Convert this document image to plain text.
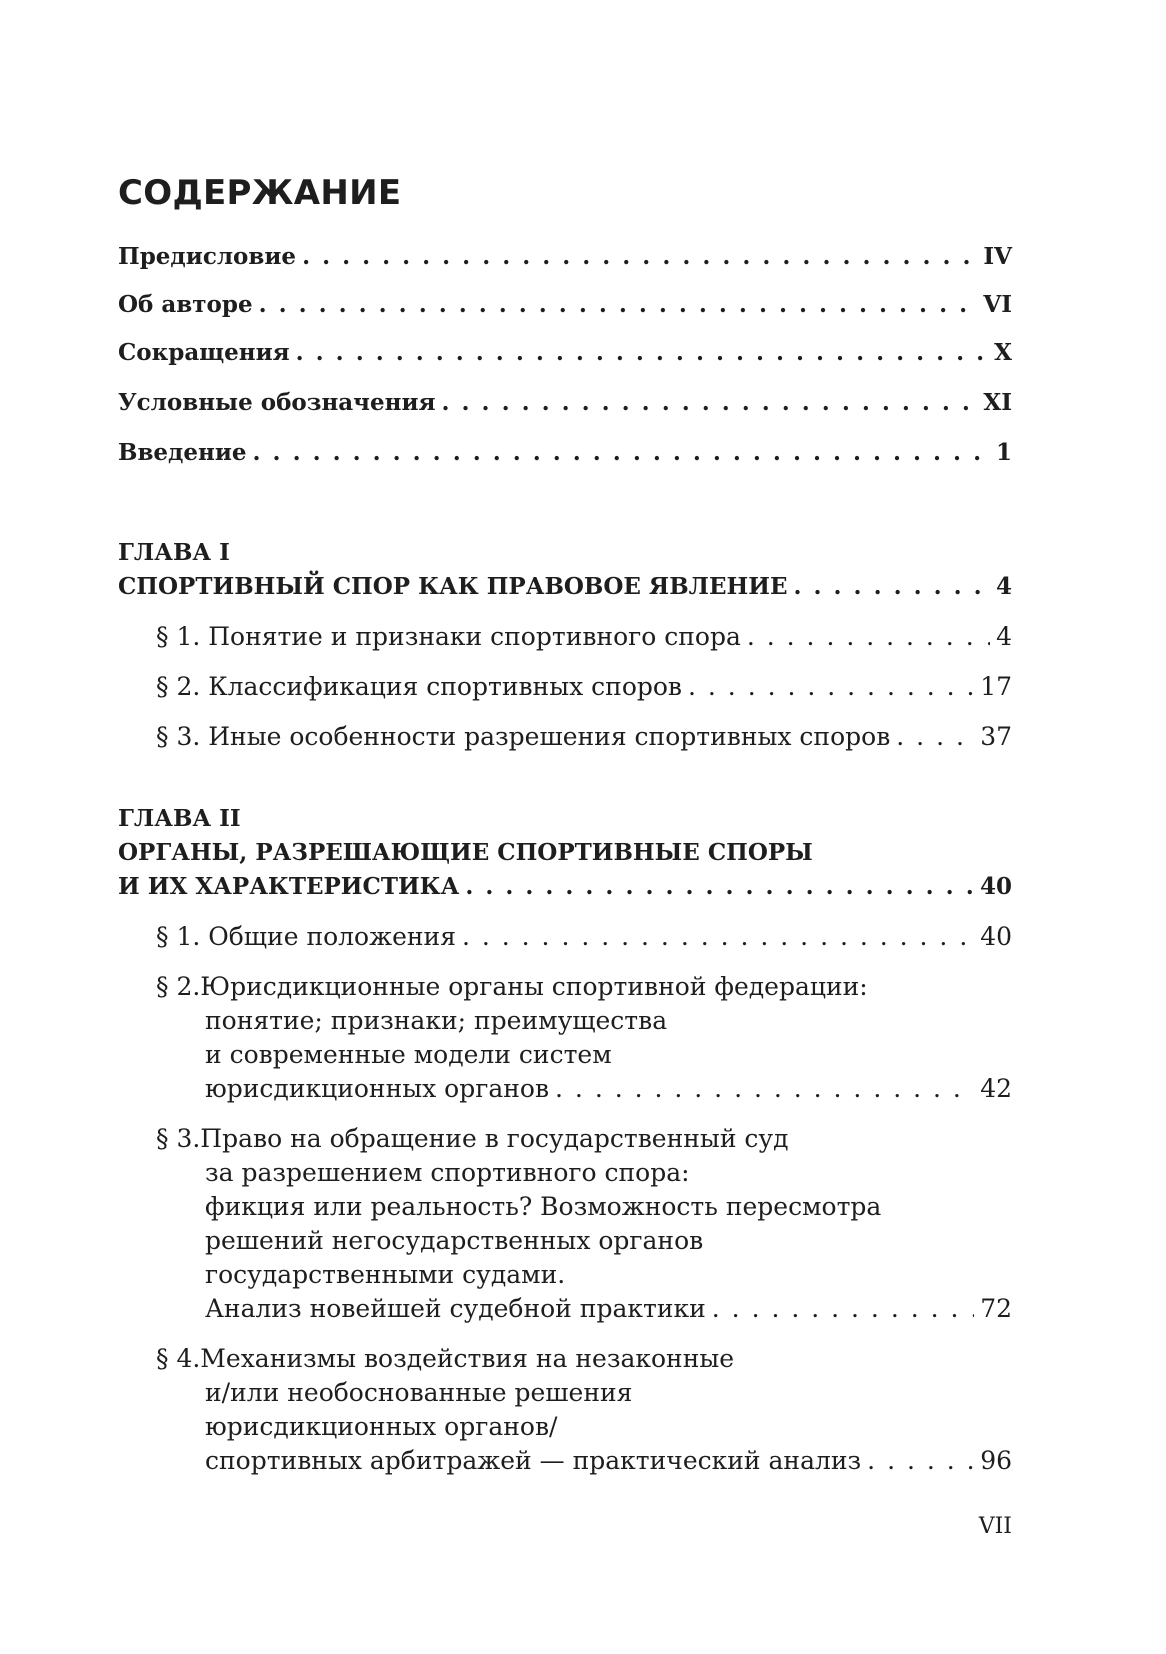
СОДЕРЖАНИЕ
Предисловие . . .	IV
Об авторе . . .	VI
Сокращения . . .	X
Условные обозначения . . .	XI
Введение . . .	1
ГЛАВА I
СПОРТИВНЫЙ СПОР КАК ПРАВОВОЕ ЯВЛЕНИЕ . . .	4
§ 1. Понятие и признаки спортивного спора . . .	4
§ 2. Классификация спортивных споров . . .	17
§ 3. Иные особенности разрешения спортивных споров . . .	37
ГЛАВА II
ОРГАНЫ, РАЗРЕШАЮЩИЕ СПОРТИВНЫЕ СПОРЫ
И ИХ ХАРАКТЕРИСТИКА . . .	40
§ 1. Общие положения . . .	40
§ 2.Юрисдикционные органы спортивной федерации:
понятие; признаки; преимущества
и современные модели систем
юрисдикционных органов . . .	42
§ 3.Право на обращение в государственный суд
за разрешением спортивного спора:
фикция или реальность? Возможность пересмотра
решений негосударственных органов
государственными судами.
Анализ новейшей судебной практики . . .	72
§ 4.Механизмы воздействия на незаконные
и/или необоснованные решения
юрисдикционных органов/
спортивных арбитражей — практический анализ . . .	96
VII
